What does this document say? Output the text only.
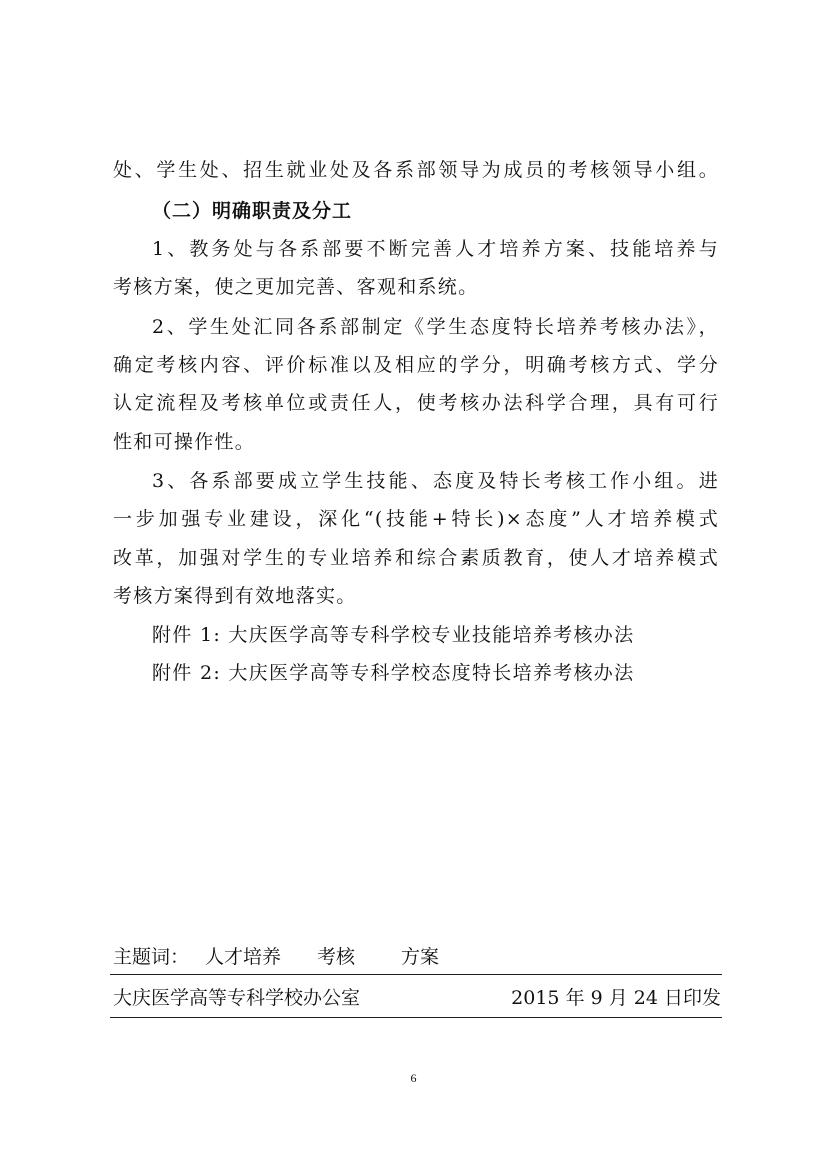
处、学生处、招生就业处及各系部领导为成员的考核领导小组。
（二）明确职责及分工
1、教务处与各系部要不断完善人才培养方案、技能培养与
考核方案，使之更加完善、客观和系统。
2、学生处汇同各系部制定《学生态度特长培养考核办法》，
确定考核内容、评价标准以及相应的学分，明确考核方式、学分
认定流程及考核单位或责任人，使考核办法科学合理，具有可行
性和可操作性。
3、各系部要成立学生技能、态度及特长考核工作小组。进
一步加强专业建设，深化“(技能+特长)×态度”人才培养模式
改革，加强对学生的专业培养和综合素质教育，使人才培养模式
考核方案得到有效地落实。
附件 1: 大庆医学高等专科学校专业技能培养考核办法
附件 2: 大庆医学高等专科学校态度特长培养考核办法
主题词： 人才培养 考核 方案
大庆医学高等专科学校办公室	2015 年 9 月 24 日印发
6
